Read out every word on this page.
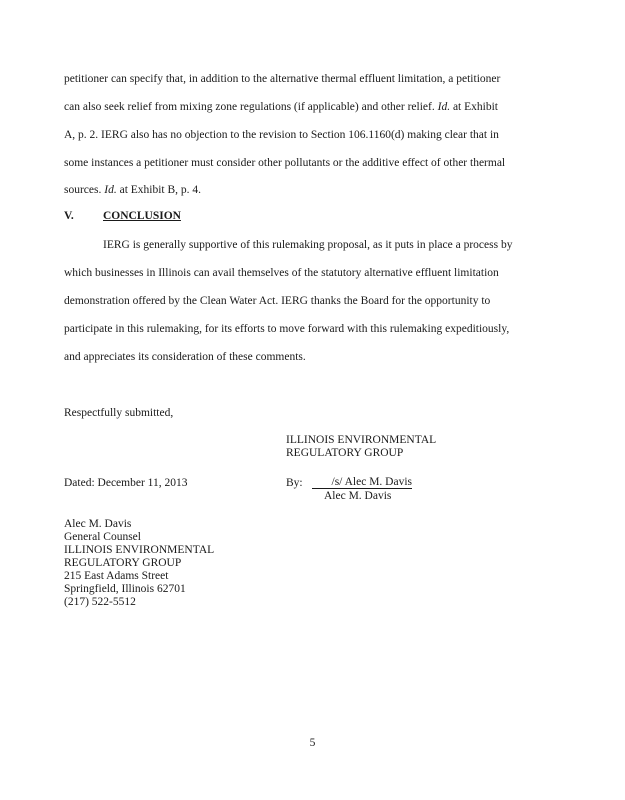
petitioner can specify that, in addition to the alternative thermal effluent limitation, a petitioner
can also seek relief from mixing zone regulations (if applicable) and other relief. Id. at Exhibit
A, p. 2. IERG also has no objection to the revision to Section 106.1160(d) making clear that in
some instances a petitioner must consider other pollutants or the additive effect of other thermal
sources. Id. at Exhibit B, p. 4.
V.	CONCLUSION
IERG is generally supportive of this rulemaking proposal, as it puts in place a process by
which businesses in Illinois can avail themselves of the statutory alternative effluent limitation
demonstration offered by the Clean Water Act. IERG thanks the Board for the opportunity to
participate in this rulemaking, for its efforts to move forward with this rulemaking expeditiously,
and appreciates its consideration of these comments.
Respectfully submitted,
ILLINOIS ENVIRONMENTAL
REGULATORY GROUP
Dated: December 11, 2013	By:	/s/ Alec M. Davis
Alec M. Davis
Alec M. Davis
General Counsel
ILLINOIS ENVIRONMENTAL
REGULATORY GROUP
215 East Adams Street
Springfield, Illinois 62701
(217) 522-5512
5
